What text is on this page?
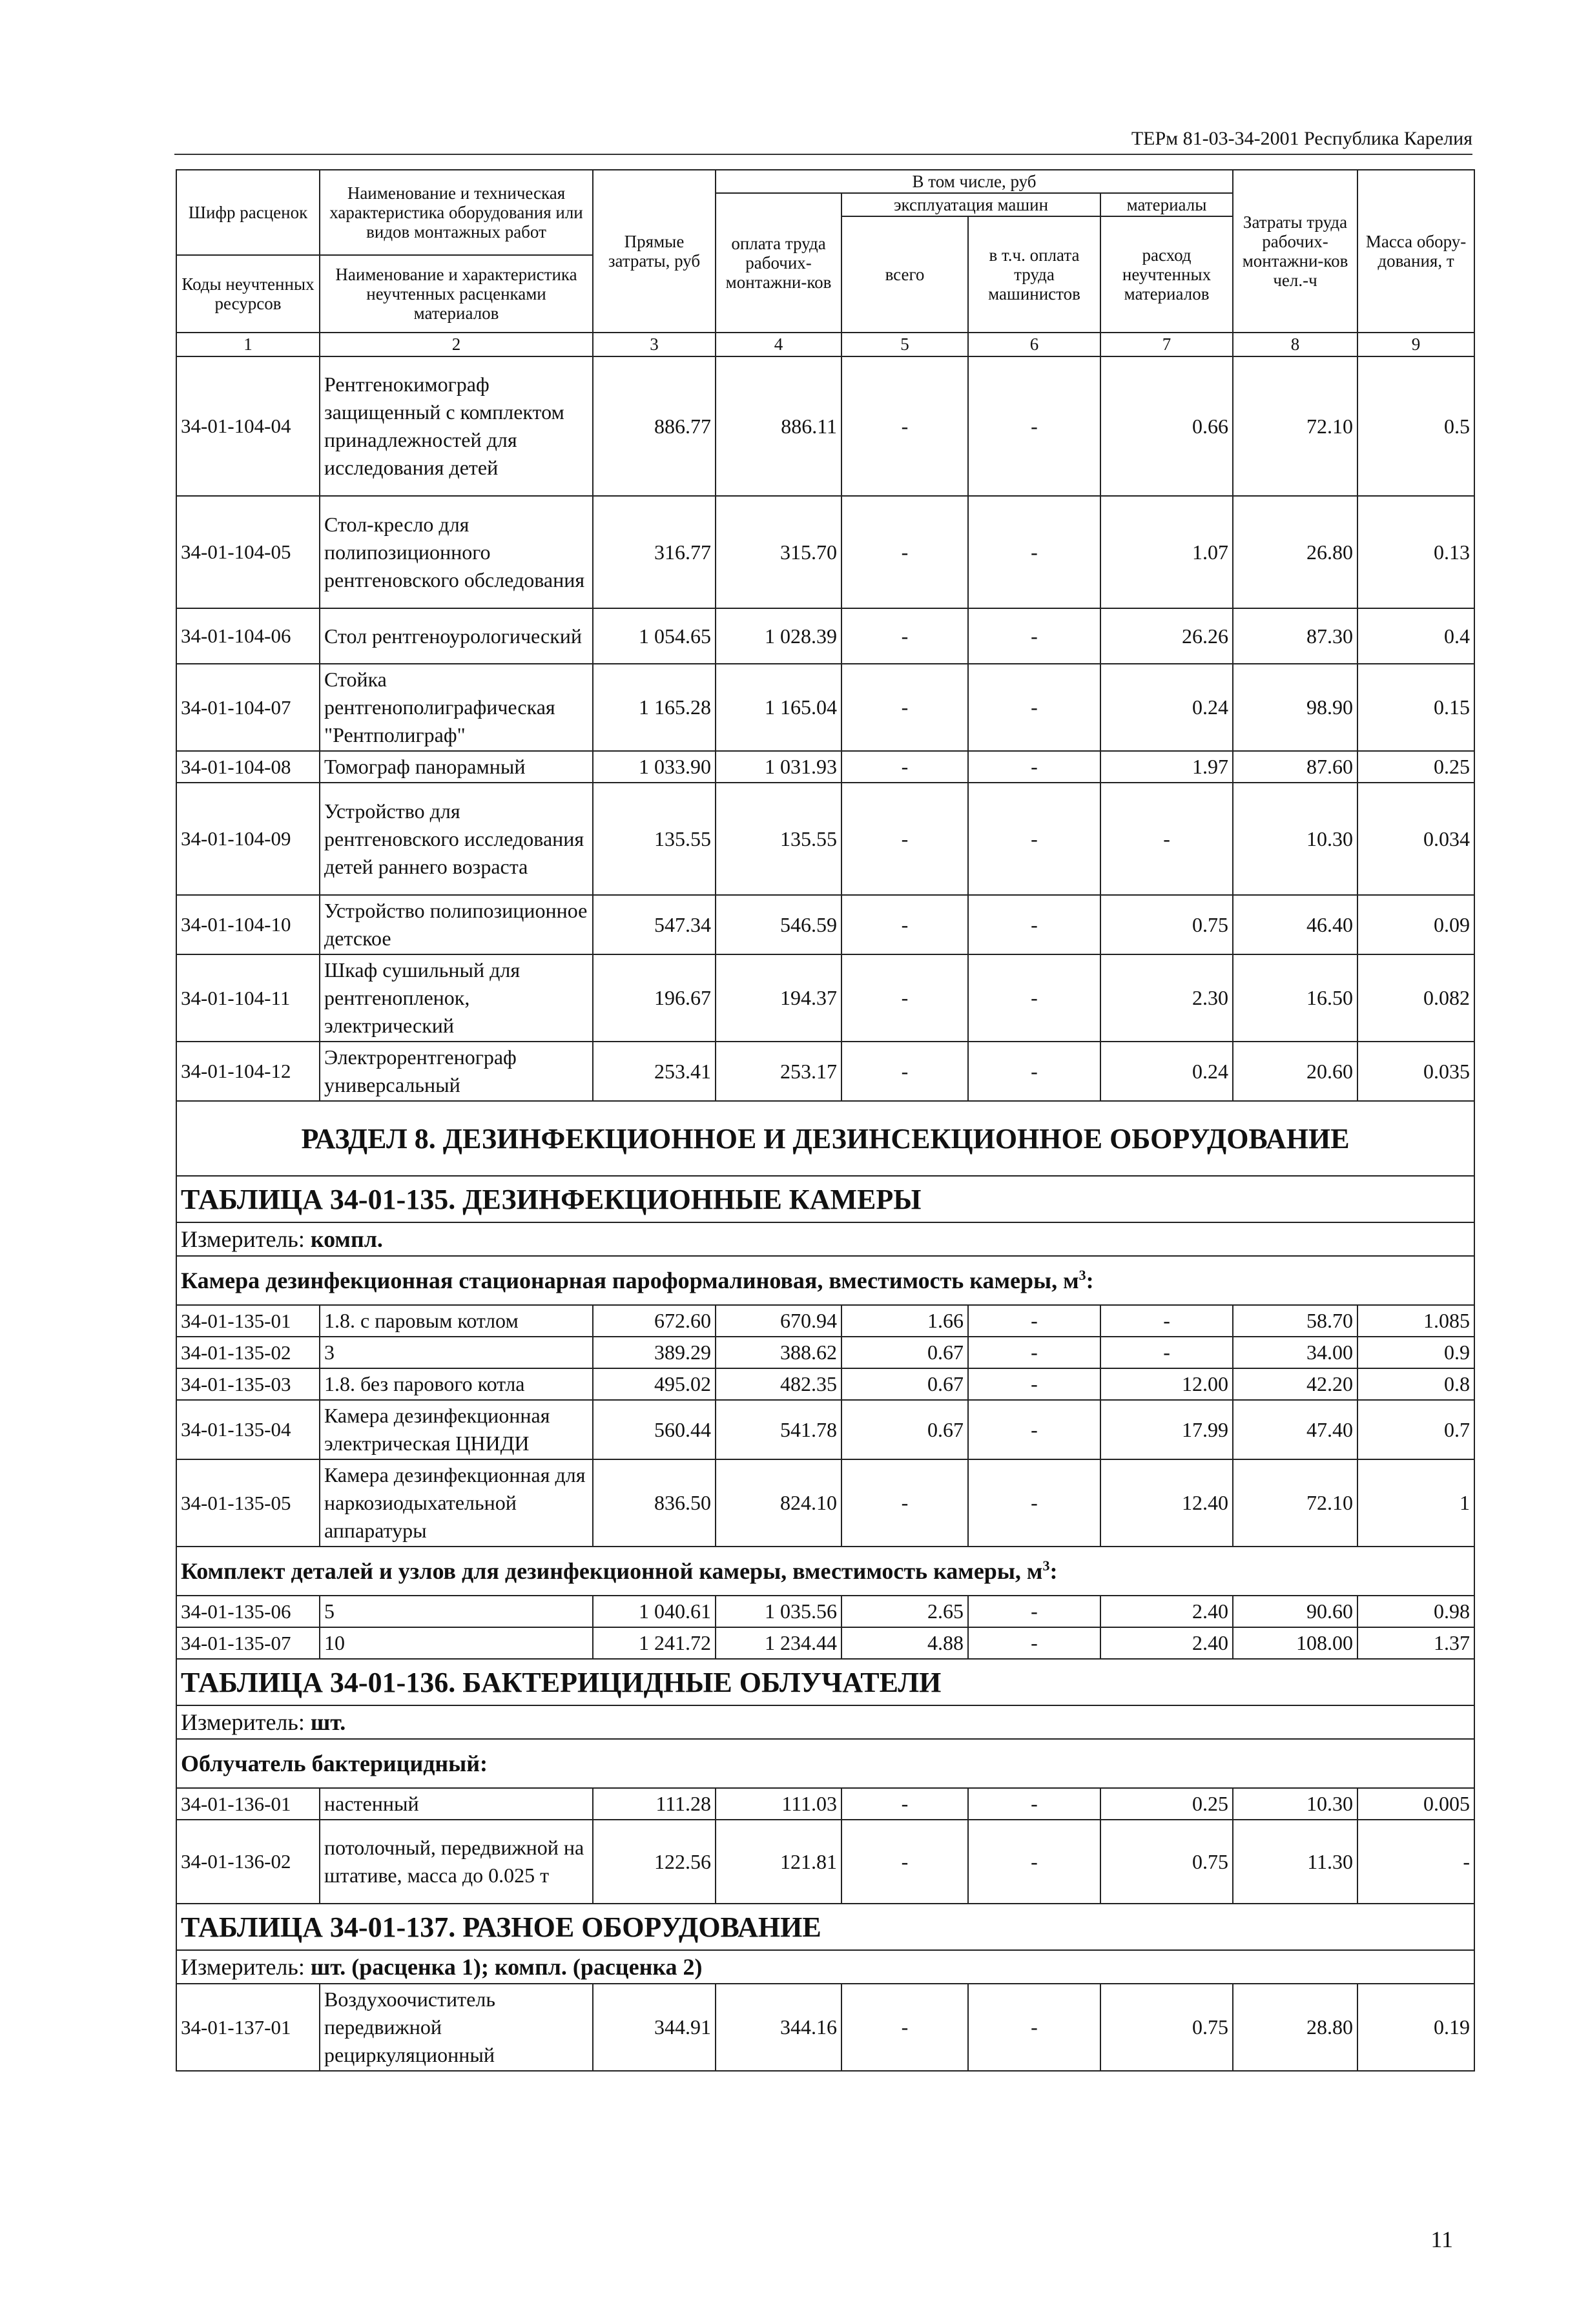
ТЕРм 81-03-34-2001 Республика Карелия
Шифр расценок	Наименование и техническая характеристика оборудования или видов монтажных работ	Прямые затраты, руб	В том числе, руб				Затраты труда рабочих-монтажни-ков чел.-ч	Масса обору-дования, т
			оплата труда рабочих-монтажни-ков	эксплуатация машин		материалы		
				всего	в т.ч. оплата труда машинистов	расход неучтенных материалов		
Коды неучтенных ресурсов	Наименование и характеристика неучтенных расценками материалов							

1	2	3	4	5	6	7	8	9
34-01-104-04	Рентгенокимограф защищенный с комплектом принадлежностей для исследования детей	886.77	886.11	-	-	0.66	72.10	0.5
34-01-104-05	Стол-кресло для полипозиционного рентгеновского обследования	316.77	315.70	-	-	1.07	26.80	0.13
34-01-104-06	Стол рентгеноурологический	1 054.65	1 028.39	-	-	26.26	87.30	0.4
34-01-104-07	Стойка рентгенополиграфическая "Рентполиграф"	1 165.28	1 165.04	-	-	0.24	98.90	0.15
34-01-104-08	Томограф панорамный	1 033.90	1 031.93	-	-	1.97	87.60	0.25
34-01-104-09	Устройство для рентгеновского исследования детей раннего возраста	135.55	135.55	-	-	-	10.30	0.034
34-01-104-10	Устройство полипозиционное детское	547.34	546.59	-	-	0.75	46.40	0.09
34-01-104-11	Шкаф сушильный для рентгенопленок, электрический	196.67	194.37	-	-	2.30	16.50	0.082
34-01-104-12	Электрорентгенограф универсальный	253.41	253.17	-	-	0.24	20.60	0.035
РАЗДЕЛ 8. ДЕЗИНФЕКЦИОННОЕ И ДЕЗИНСЕКЦИОННОЕ ОБОРУДОВАНИЕ								
ТАБЛИЦА 34-01-135. ДЕЗИНФЕКЦИОННЫЕ КАМЕРЫ								
Измеритель: компл.								
Камера дезинфекционная стационарная пароформалиновая, вместимость камеры, $м^3$:								
34-01-135-01	1.8. с паровым котлом	672.60	670.94	1.66	-	-	58.70	1.085
34-01-135-02	3	389.29	388.62	0.67	-	-	34.00	0.9
34-01-135-03	1.8. без парового котла	495.02	482.35	0.67	-	12.00	42.20	0.8
34-01-135-04	Камера дезинфекционная электрическая ЦНИДИ	560.44	541.78	0.67	-	17.99	47.40	0.7
34-01-135-05	Камера дезинфекционная для наркозиодыхательной аппаратуры	836.50	824.10	-	-	12.40	72.10	1
Комплект деталей и узлов для дезинфекционной камеры, вместимость камеры, $м^3$:								
34-01-135-06	5	1 040.61	1 035.56	2.65	-	2.40	90.60	0.98
34-01-135-07	10	1 241.72	1 234.44	4.88	-	2.40	108.00	1.37
ТАБЛИЦА 34-01-136. БАКТЕРИЦИДНЫЕ ОБЛУЧАТЕЛИ								
Измеритель: шт.								
Облучатель бактерицидный:								
34-01-136-01	настенный	111.28	111.03	-	-	0.25	10.30	0.005
34-01-136-02	потолочный, передвижной на штативе, масса до 0.025 т	122.56	121.81	-	-	0.75	11.30	-
ТАБЛИЦА 34-01-137. РАЗНОЕ ОБОРУДОВАНИЕ								
Измеритель: шт. (расценка 1); компл. (расценка 2)								
34-01-137-01	Воздухоочиститель передвижной рециркуляционный	344.91	344.16	-	-	0.75	28.80	0.19
11
